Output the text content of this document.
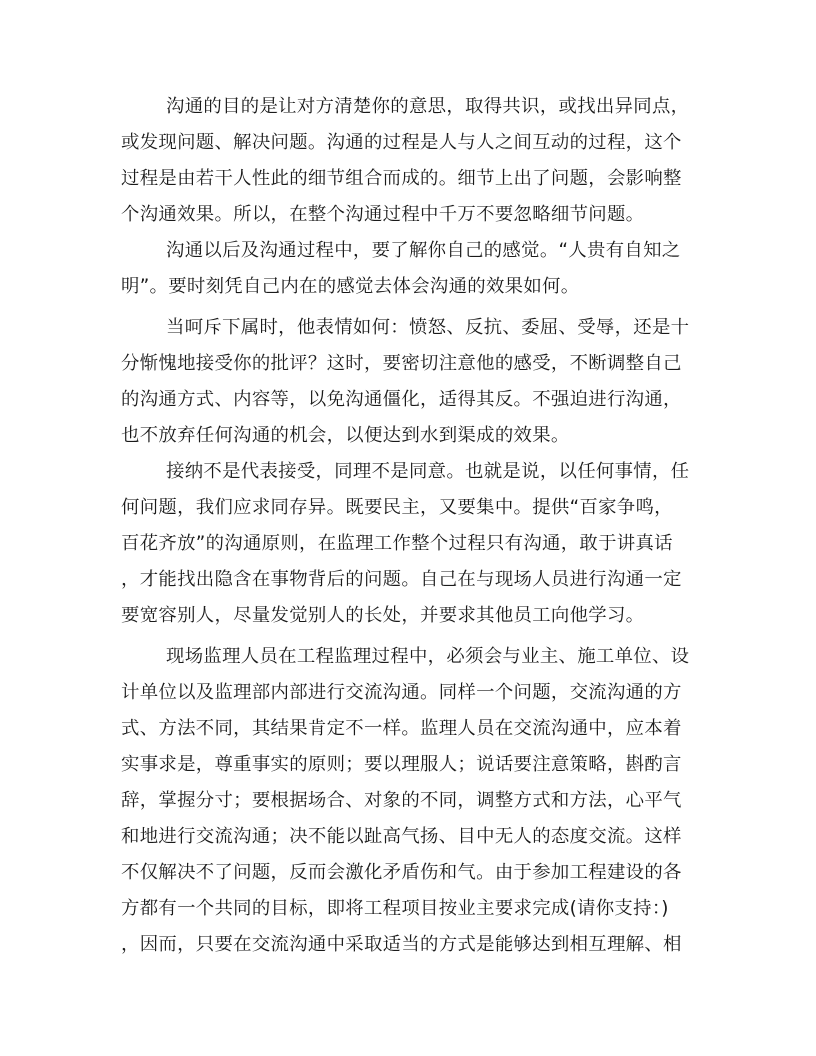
沟通的目的是让对方清楚你的意思，取得共识，或找出异同点，
或发现问题、解决问题。沟通的过程是人与人之间互动的过程，这个
过程是由若干人性此的细节组合而成的。细节上出了问题，会影响整
个沟通效果。所以，在整个沟通过程中千万不要忽略细节问题。
沟通以后及沟通过程中，要了解你自己的感觉。“人贵有自知之
明”。要时刻凭自己内在的感觉去体会沟通的效果如何。
当呵斥下属时，他表情如何：愤怒、反抗、委屈、受辱，还是十
分惭愧地接受你的批评？这时，要密切注意他的感受，不断调整自己
的沟通方式、内容等，以免沟通僵化，适得其反。不强迫进行沟通，
也不放弃任何沟通的机会，以便达到水到渠成的效果。
接纳不是代表接受，同理不是同意。也就是说，以任何事情，任
何问题，我们应求同存异。既要民主，又要集中。提供“百家争鸣，
百花齐放”的沟通原则，在监理工作整个过程只有沟通，敢于讲真话
，才能找出隐含在事物背后的问题。自己在与现场人员进行沟通一定
要宽容别人，尽量发觉别人的长处，并要求其他员工向他学习。
现场监理人员在工程监理过程中，必须会与业主、施工单位、设
计单位以及监理部内部进行交流沟通。同样一个问题，交流沟通的方
式、方法不同，其结果肯定不一样。监理人员在交流沟通中，应本着
实事求是，尊重事实的原则；要以理服人；说话要注意策略，斟酌言
辞，掌握分寸；要根据场合、对象的不同，调整方式和方法，心平气
和地进行交流沟通；决不能以趾高气扬、目中无人的态度交流。这样
不仅解决不了问题，反而会激化矛盾伤和气。由于参加工程建设的各
方都有一个共同的目标，即将工程项目按业主要求完成(请你支持：)
，因而，只要在交流沟通中采取适当的方式是能够达到相互理解、相
